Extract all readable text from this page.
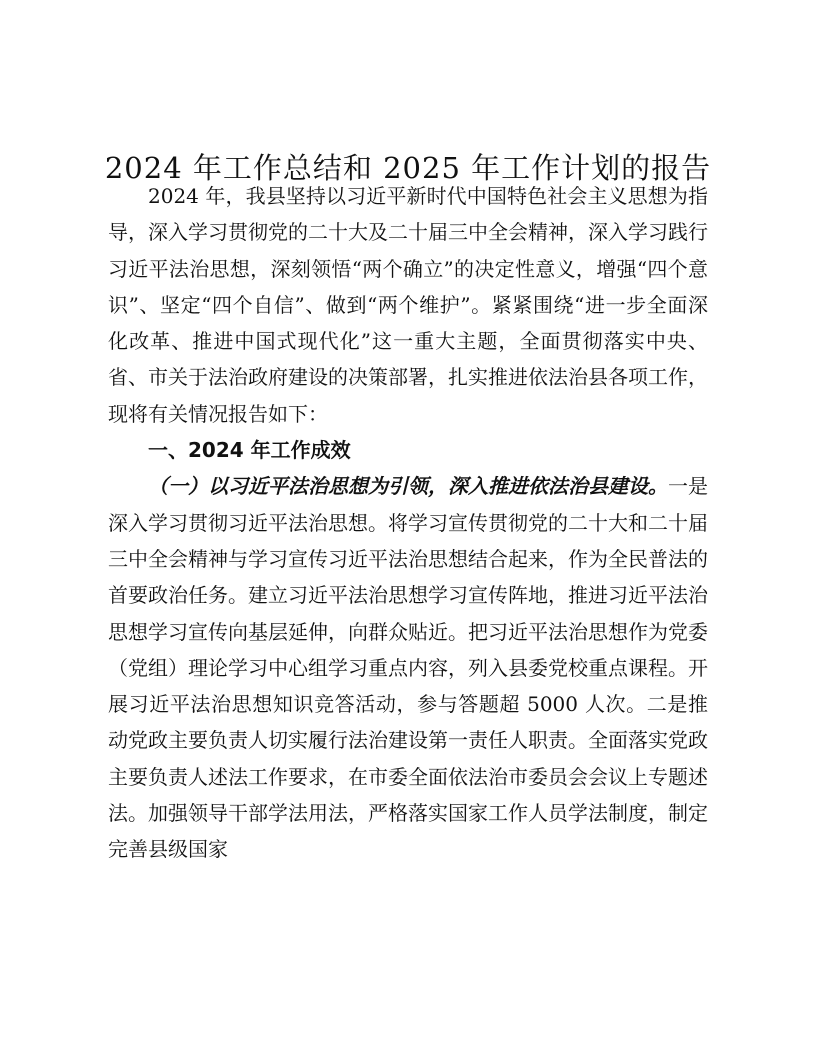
2024 年工作总结和 2025 年工作计划的报告

2024 年，我县坚持以习近平新时代中国特色社会主义思想为指导，深入学习贯彻党的二十大及二十届三中全会精神，深入学习践行习近平法治思想，深刻领悟“两个确立”的决定性意义，增强“四个意识”、坚定“四个自信”、做到“两个维护”。紧紧围绕“进一步全面深化改革、推进中国式现代化”这一重大主题，全面贯彻落实中央、省、市关于法治政府建设的决策部署，扎实推进依法治县各项工作，现将有关情况报告如下：

一、2024 年工作成效

（一）以习近平法治思想为引领，深入推进依法治县建设。一是深入学习贯彻习近平法治思想。将学习宣传贯彻党的二十大和二十届三中全会精神与学习宣传习近平法治思想结合起来，作为全民普法的首要政治任务。建立习近平法治思想学习宣传阵地，推进习近平法治思想学习宣传向基层延伸，向群众贴近。把习近平法治思想作为党委（党组）理论学习中心组学习重点内容，列入县委党校重点课程。开展习近平法治思想知识竞答活动，参与答题超 5000 人次。二是推动党政主要负责人切实履行法治建设第一责任人职责。全面落实党政主要负责人述法工作要求，在市委全面依法治市委员会会议上专题述法。加强领导干部学法用法，严格落实国家工作人员学法制度，制定完善县级国家
